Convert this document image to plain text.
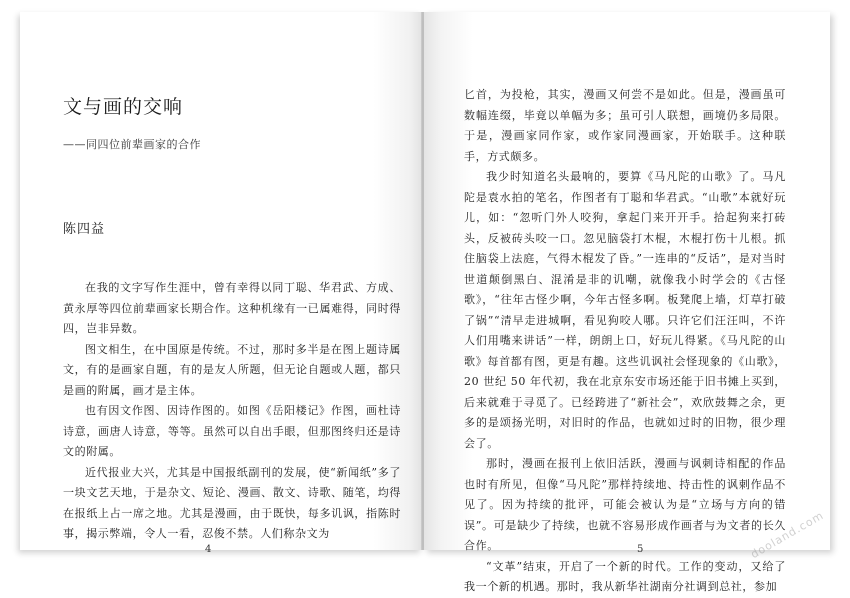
文与画的交响
——同四位前辈画家的合作
陈四益

在我的文字写作生涯中，曾有幸得以同丁聪、华君武、方成、黄永厚等四位前辈画家长期合作。这种机缘有一已属难得，同时得四，岂非异数。

图文相生，在中国原是传统。不过，那时多半是在图上题诗属文，有的是画家自题，有的是友人所题，但无论自题或人题，都只是画的附属，画才是主体。

也有因文作图、因诗作图的。如图《岳阳楼记》作图，画杜诗诗意，画唐人诗意，等等。虽然可以自出手眼，但那图终归还是诗文的附属。

近代报业大兴，尤其是中国报纸副刊的发展，使“新闻纸”多了一块文艺天地，于是杂文、短论、漫画、散文、诗歌、随笔，均得在报纸上占一席之地。尤其是漫画，由于既快，每多讥讽，指陈时事，揭示弊端，令人一看，忍俊不禁。人们称杂文为

4

匕首，为投枪，其实，漫画又何尝不是如此。但是，漫画虽可数幅连缀，毕竟以单幅为多；虽可引人联想，画境仍多局限。于是，漫画家同作家，或作家同漫画家，开始联手。这种联手，方式颇多。

我少时知道名头最响的，要算《马凡陀的山歌》了。马凡陀是袁水拍的笔名，作图者有丁聪和华君武。“山歌”本就好玩儿，如：“忽听门外人咬狗，拿起门来开开手。拾起狗来打砖头，反被砖头咬一口。忽见脑袋打木棍，木棍打伤十儿根。抓住脑袋上法庭，气得木棍发了昏。”一连串的“反话”，是对当时世道颠倒黑白、混淆是非的讥嘲，就像我小时学会的《古怪歌》，“往年古怪少啊，今年古怪多啊。板凳爬上墙，灯草打破了锅”“清早走进城啊，看见狗咬人哪。只许它们汪汪叫，不许人们用嘴来讲话”一样，朗朗上口，好玩儿得紧。《马凡陀的山歌》每首都有图，更是有趣。这些讥讽社会怪现象的《山歌》，20 世纪 50 年代初，我在北京东安市场还能于旧书摊上买到，后来就难于寻觅了。已经跨进了“新社会”，欢欣鼓舞之余，更多的是颂扬光明，对旧时的作品，也就如过时的旧物，很少理会了。

那时，漫画在报刊上依旧活跃，漫画与讽刺诗相配的作品也时有所见，但像“马凡陀”那样持续地、持击性的讽刺作品不见了。因为持续的批评，可能会被认为是“立场与方向的错误”。可是缺少了持续，也就不容易形成作画者与为文者的长久合作。

“文革”结束，开启了一个新的时代。工作的变动，又给了我一个新的机遇。那时，我从新华社湖南分社调到总社，参加

5	dooland.com
